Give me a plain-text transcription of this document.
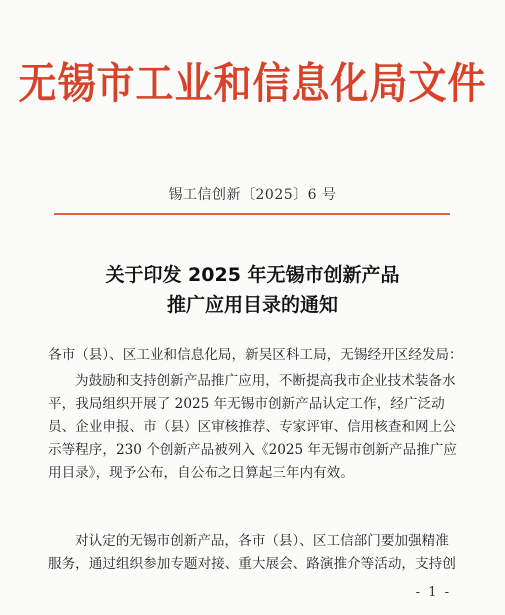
无锡市工业和信息化局文件
锡工信创新〔2025〕6 号
关于印发 2025 年无锡市创新产品
推广应用目录的通知
各市（县）、区工业和信息化局，新吴区科工局，无锡经开区经发局：
为鼓励和支持创新产品推广应用，不断提高我市企业技术装备水平，我局组织开展了 2025 年无锡市创新产品认定工作，经广泛动员、企业申报、市（县）区审核推荐、专家评审、信用核查和网上公示等程序，230 个创新产品被列入《2025 年无锡市创新产品推广应用目录》，现予公布，自公布之日算起三年内有效。
对认定的无锡市创新产品，各市（县）、区工信部门要加强精准服务，通过组织参加专题对接、重大展会、路演推介等活动，支持创
- 1 -
